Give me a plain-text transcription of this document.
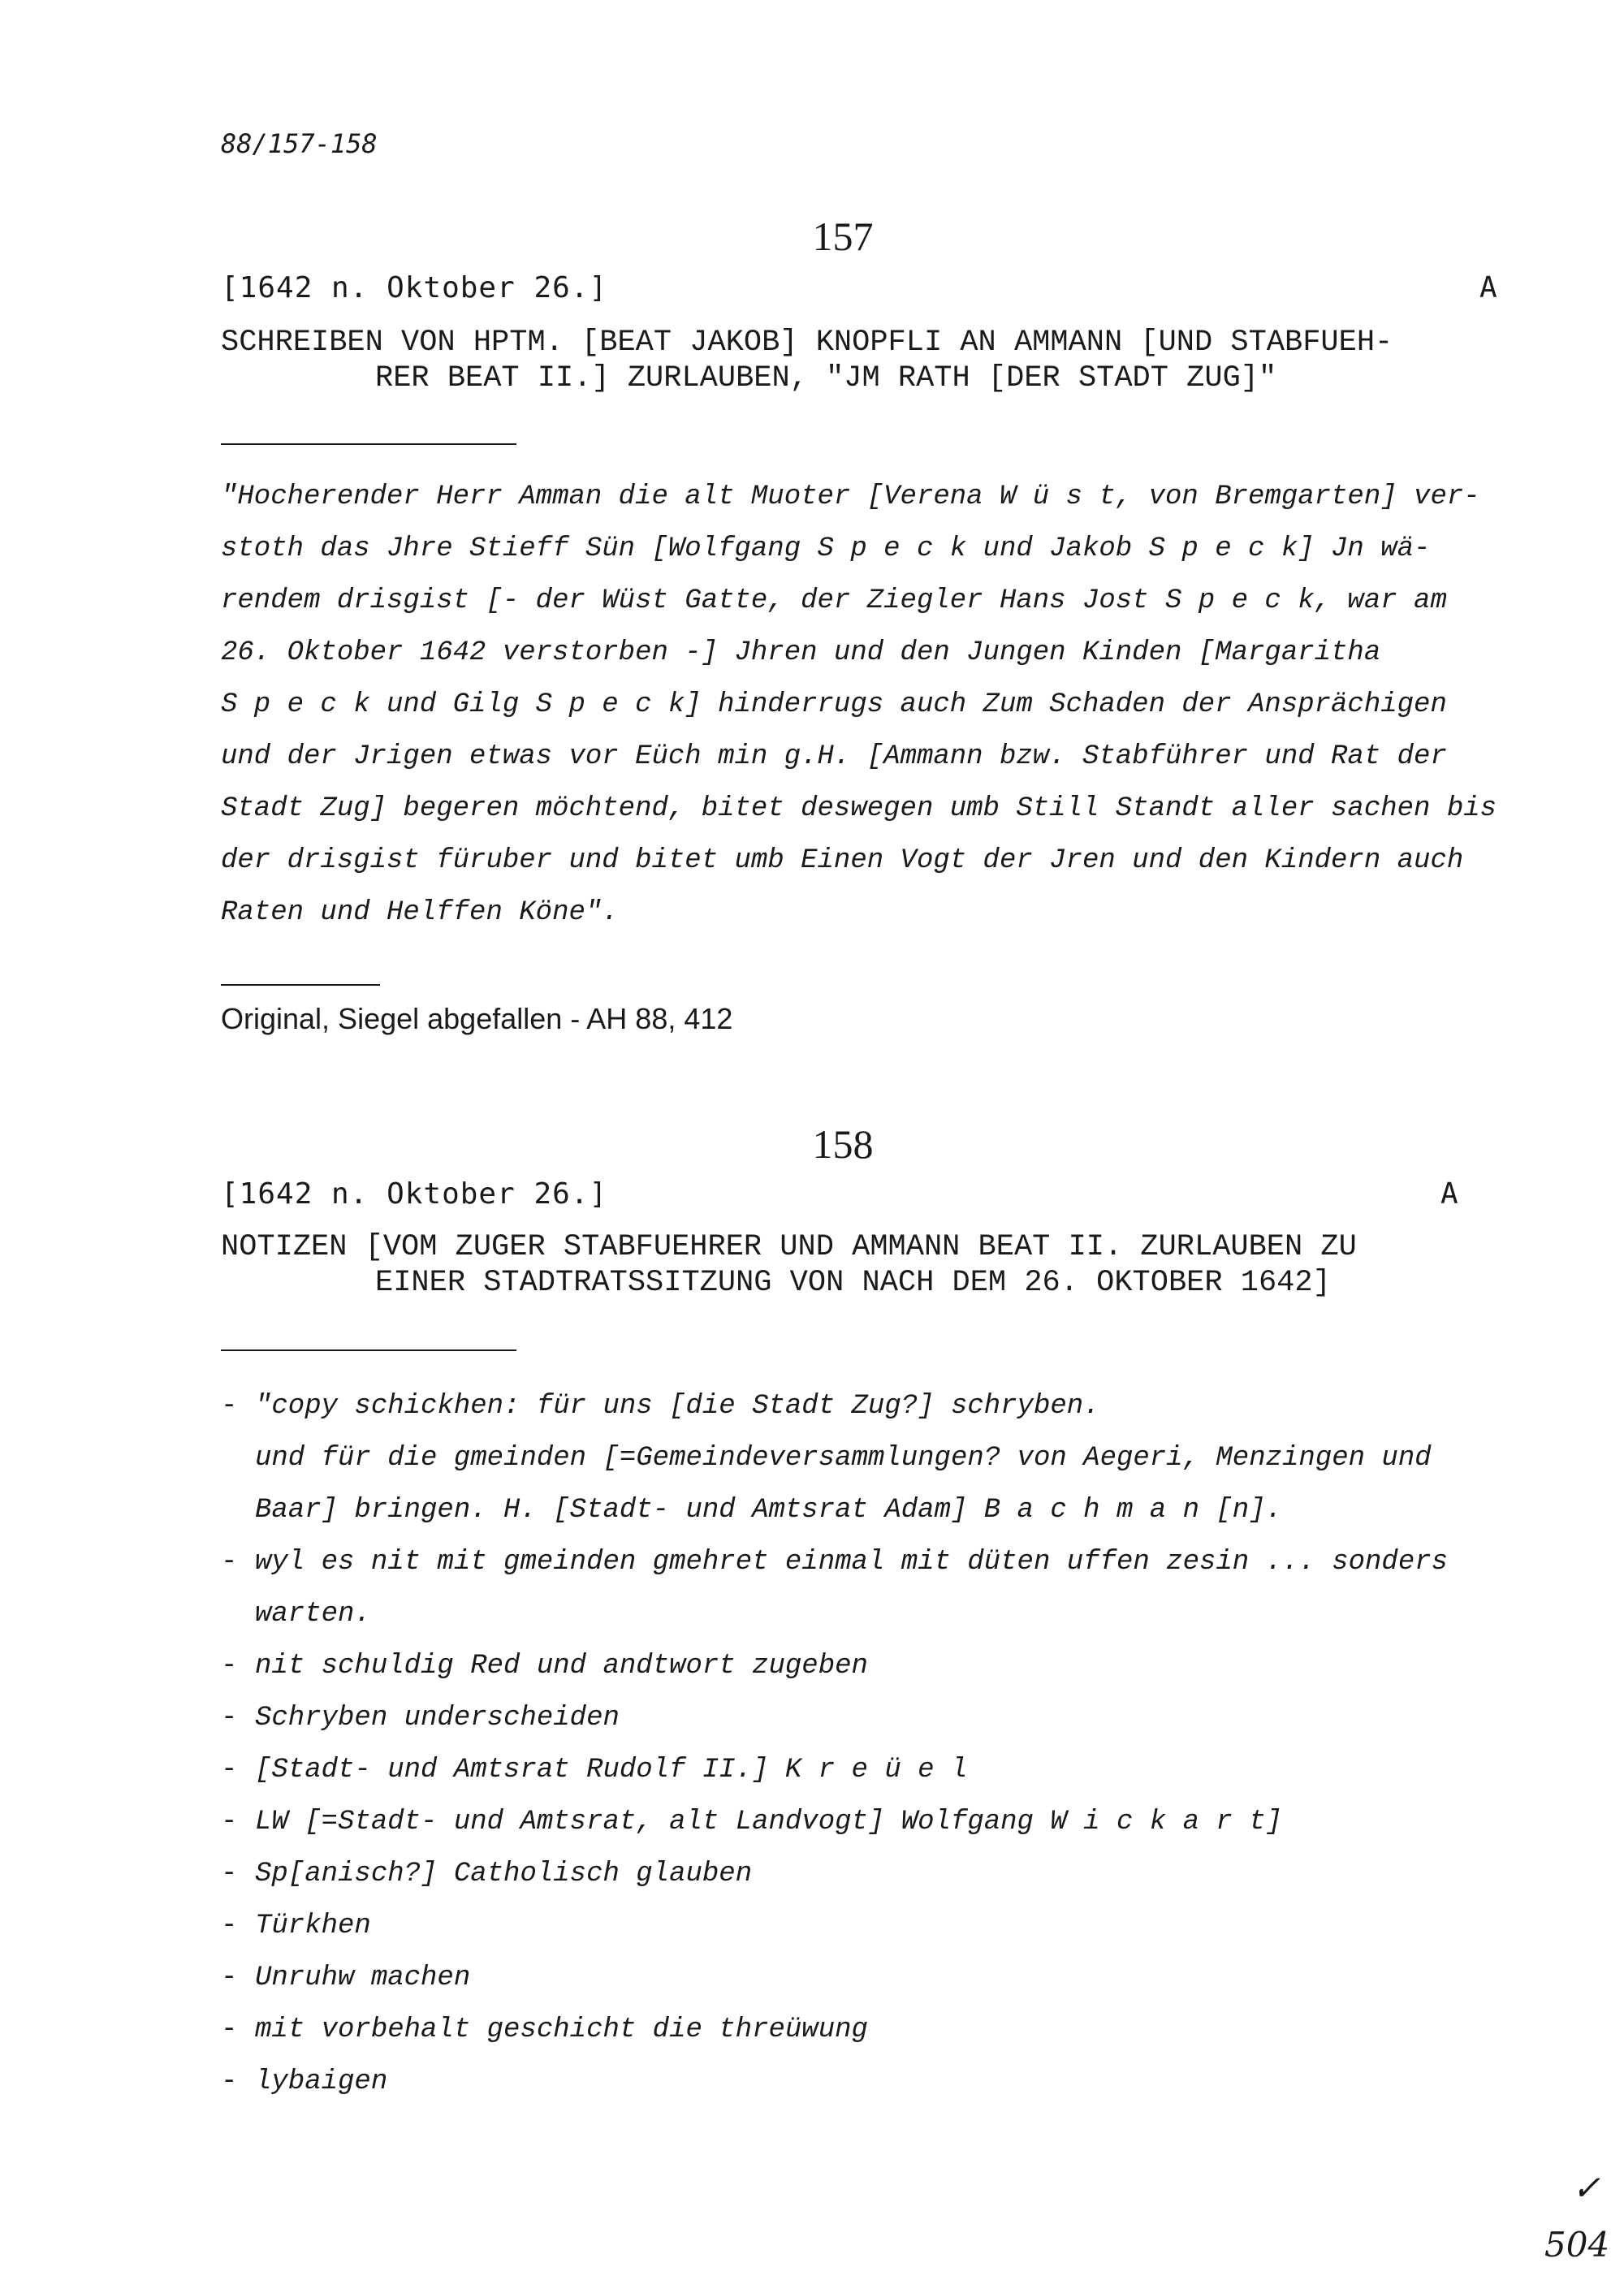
88/157-158
157
[1642 n. Oktober 26.]	A
SCHREIBEN VON HPTM. [BEAT JAKOB] KNOPFLI AN AMMANN [UND STABFUEH-
RER BEAT II.] ZURLAUBEN, "JM RATH [DER STADT ZUG]"
"Hocherender Herr Amman die alt Muoter [Verena W ü s t, von Bremgarten] ver-
stoth das Jhre Stieff Sün [Wolfgang S p e c k und Jakob S p e c k] Jn wä-
rendem drisgist [- der Wüst Gatte, der Ziegler Hans Jost S p e c k, war am
26. Oktober 1642 verstorben -] Jhren und den Jungen Kinden [Margaritha
S p e c k und Gilg S p e c k] hinderrugs auch Zum Schaden der Ansprächigen
und der Jrigen etwas vor Eüch min g.H. [Ammann bzw. Stabführer und Rat der
Stadt Zug] begeren möchtend, bitet deswegen umb Still Standt aller sachen bis
der drisgist füruber und bitet umb Einen Vogt der Jren und den Kindern auch
Raten und Helffen Köne".
Original, Siegel abgefallen - AH 88, 412
158
[1642 n. Oktober 26.]	A
NOTIZEN [VOM ZUGER STABFUEHRER UND AMMANN BEAT II. ZURLAUBEN ZU
EINER STADTRATSSITZUNG VON NACH DEM 26. OKTOBER 1642]
- "copy schickhen: für uns [die Stadt Zug?] schryben.
und für die gmeinden [=Gemeindeversammlungen? von Aegeri, Menzingen und
Baar] bringen. H. [Stadt- und Amtsrat Adam] B a c h m a n [n].
- wyl es nit mit gmeinden gmehret einmal mit düten uffen zesin ... sonders
warten.
- nit schuldig Red und andtwort zugeben
- Schryben underscheiden
- [Stadt- und Amtsrat Rudolf II.] K r e ü e l
- LW [=Stadt- und Amtsrat, alt Landvogt] Wolfgang W i c k a r t]
- Sp[anisch?] Catholisch glauben
- Türkhen
- Unruhw machen
- mit vorbehalt geschicht die threüwung
- lybaigen
✓
504
